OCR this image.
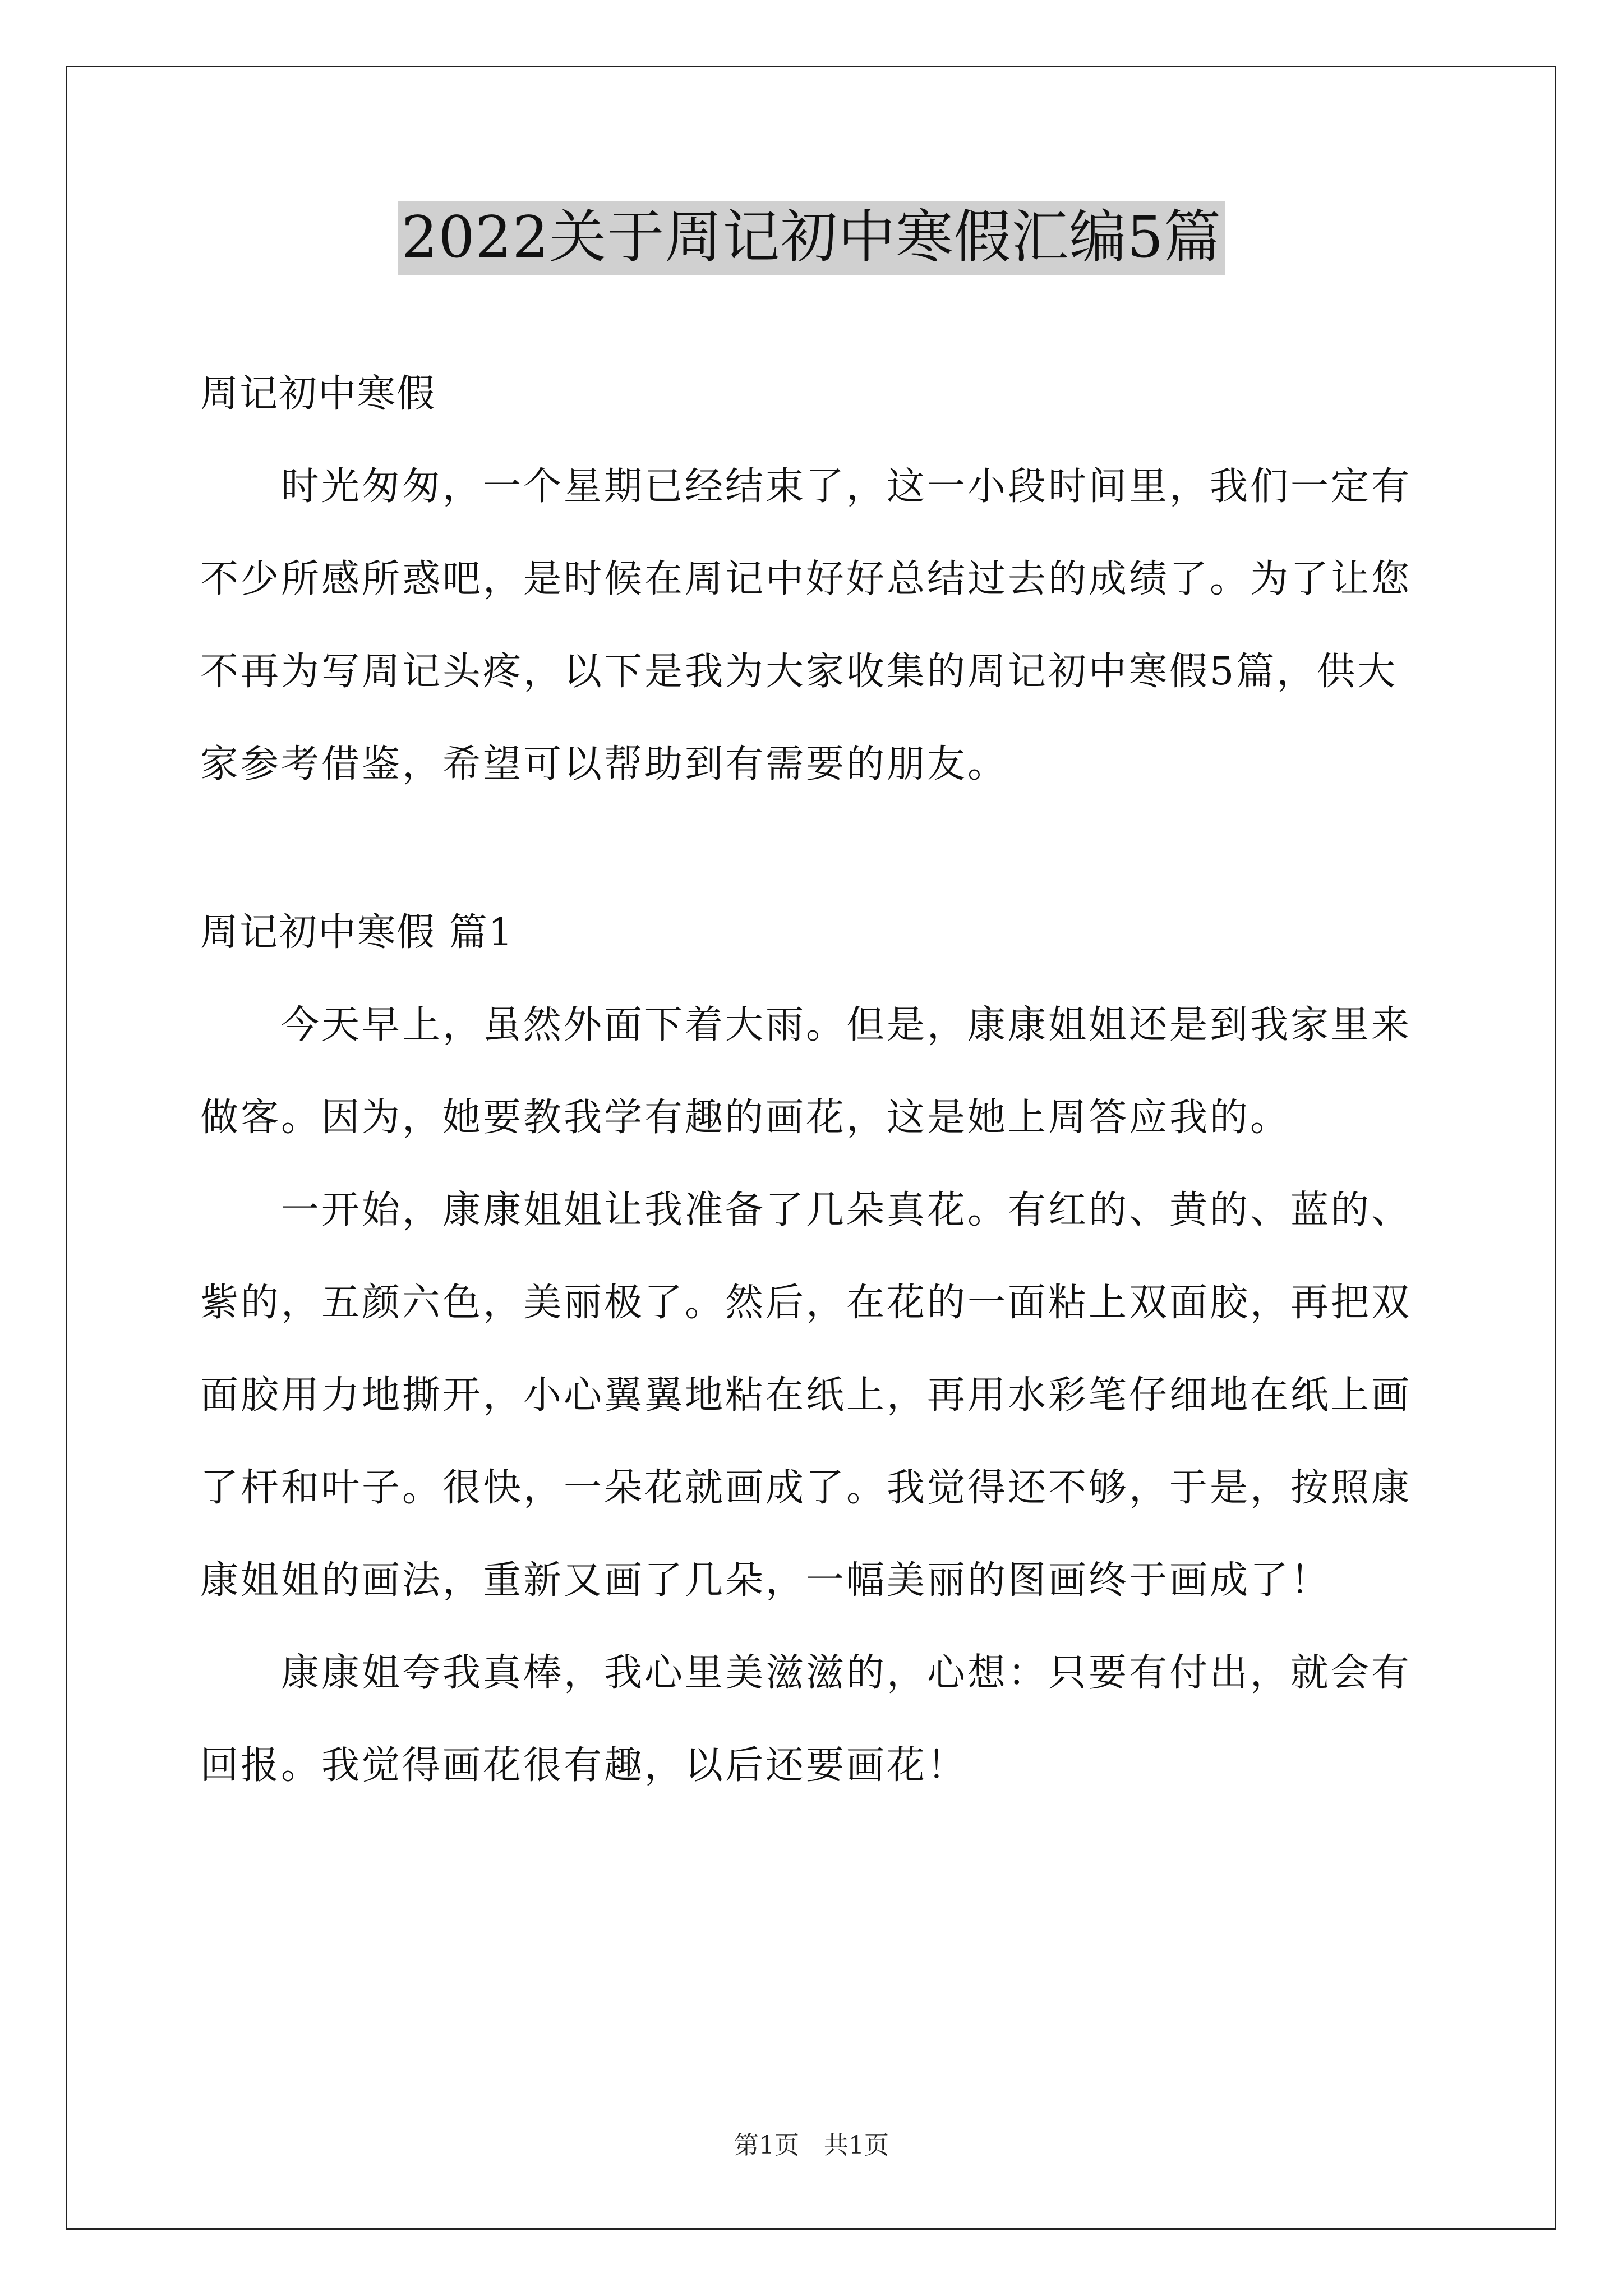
2022关于周记初中寒假汇编5篇

周记初中寒假

时光匆匆，一个星期已经结束了，这一小段时间里，我们一定有
不少所感所惑吧，是时候在周记中好好总结过去的成绩了。为了让您
不再为写周记头疼，以下是我为大家收集的周记初中寒假5篇，供大
家参考借鉴，希望可以帮助到有需要的朋友。

周记初中寒假 篇1

今天早上，虽然外面下着大雨。但是，康康姐姐还是到我家里来
做客。因为，她要教我学有趣的画花，这是她上周答应我的。
一开始，康康姐姐让我准备了几朵真花。有红的、黄的、蓝的、
紫的，五颜六色，美丽极了。然后，在花的一面粘上双面胶，再把双
面胶用力地撕开，小心翼翼地粘在纸上，再用水彩笔仔细地在纸上画
了杆和叶子。很快，一朵花就画成了。我觉得还不够，于是，按照康
康姐姐的画法，重新又画了几朵，一幅美丽的图画终于画成了！
康康姐夸我真棒，我心里美滋滋的，心想：只要有付出，就会有
回报。我觉得画花很有趣，以后还要画花！
第1页　共1页
